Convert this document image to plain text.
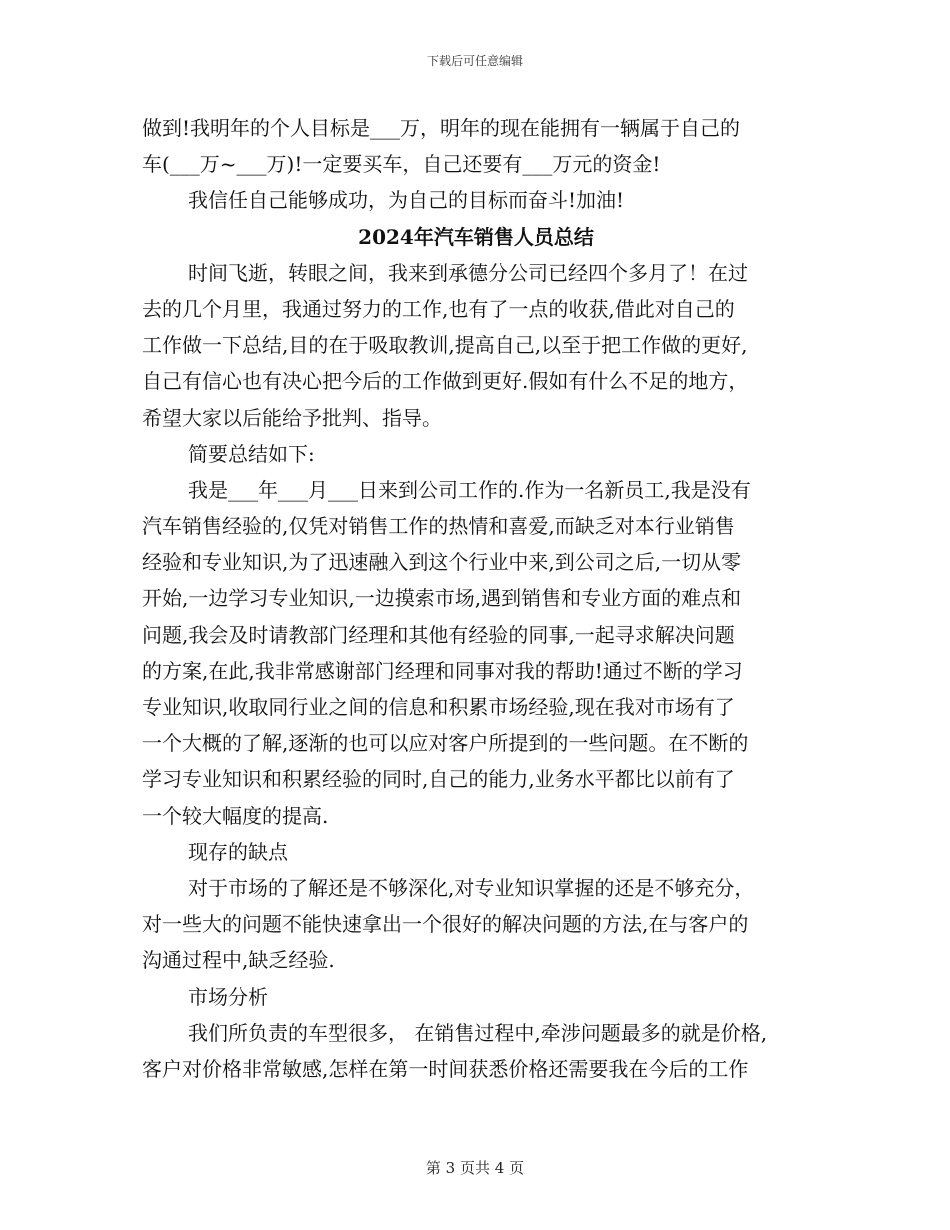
下载后可任意编辑
做到!我明年的个人目标是___万，明年的现在能拥有一辆属于自己的
车(___万~___万)!一定要买车，自己还要有___万元的资金!
我信任自己能够成功，为自己的目标而奋斗!加油!
2024年汽车销售人员总结
时间飞逝，转眼之间，我来到承德分公司已经四个多月了！在过
去的几个月里，我通过努力的工作,也有了一点的收获,借此对自己的
工作做一下总结,目的在于吸取教训,提高自己,以至于把工作做的更好,
自己有信心也有决心把今后的工作做到更好.假如有什么不足的地方，
希望大家以后能给予批判、指导。
简要总结如下:
我是___年___月___日来到公司工作的.作为一名新员工,我是没有
汽车销售经验的,仅凭对销售工作的热情和喜爱,而缺乏对本行业销售
经验和专业知识,为了迅速融入到这个行业中来,到公司之后,一切从零
开始,一边学习专业知识,一边摸索市场,遇到销售和专业方面的难点和
问题,我会及时请教部门经理和其他有经验的同事,一起寻求解决问题
的方案,在此,我非常感谢部门经理和同事对我的帮助!通过不断的学习
专业知识,收取同行业之间的信息和积累市场经验,现在我对市场有了
一个大概的了解,逐渐的也可以应对客户所提到的一些问题。在不断的
学习专业知识和积累经验的同时,自己的能力,业务水平都比以前有了
一个较大幅度的提高.
现存的缺点
对于市场的了解还是不够深化,对专业知识掌握的还是不够充分，
对一些大的问题不能快速拿出一个很好的解决问题的方法,在与客户的
沟通过程中,缺乏经验.
市场分析
我们所负责的车型很多， 在销售过程中,牵涉问题最多的就是价格,
客户对价格非常敏感,怎样在第一时间获悉价格还需要我在今后的工作
第 3 页共 4 页
